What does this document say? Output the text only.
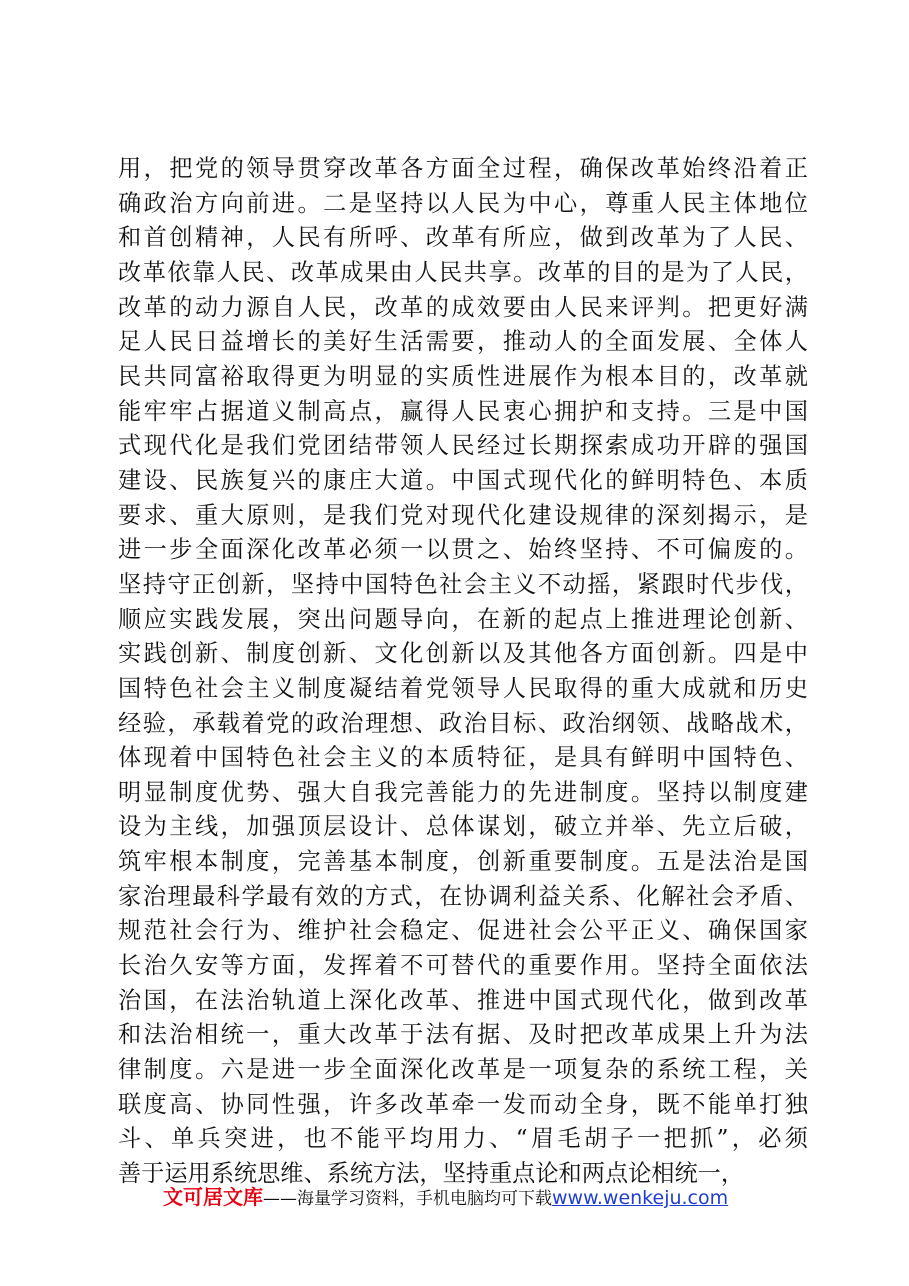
用，把党的领导贯穿改革各方面全过程，确保改革始终沿着正
确政治方向前进。二是坚持以人民为中心，尊重人民主体地位
和首创精神，人民有所呼、改革有所应，做到改革为了人民、
改革依靠人民、改革成果由人民共享。改革的目的是为了人民，
改革的动力源自人民，改革的成效要由人民来评判。把更好满
足人民日益增长的美好生活需要，推动人的全面发展、全体人
民共同富裕取得更为明显的实质性进展作为根本目的，改革就
能牢牢占据道义制高点，赢得人民衷心拥护和支持。三是中国
式现代化是我们党团结带领人民经过长期探索成功开辟的强国
建设、民族复兴的康庄大道。中国式现代化的鲜明特色、本质
要求、重大原则，是我们党对现代化建设规律的深刻揭示，是
进一步全面深化改革必须一以贯之、始终坚持、不可偏废的。
坚持守正创新，坚持中国特色社会主义不动摇，紧跟时代步伐，
顺应实践发展，突出问题导向，在新的起点上推进理论创新、
实践创新、制度创新、文化创新以及其他各方面创新。四是中
国特色社会主义制度凝结着党领导人民取得的重大成就和历史
经验，承载着党的政治理想、政治目标、政治纲领、战略战术，
体现着中国特色社会主义的本质特征，是具有鲜明中国特色、
明显制度优势、强大自我完善能力的先进制度。坚持以制度建
设为主线，加强顶层设计、总体谋划，破立并举、先立后破，
筑牢根本制度，完善基本制度，创新重要制度。五是法治是国
家治理最科学最有效的方式，在协调利益关系、化解社会矛盾、
规范社会行为、维护社会稳定、促进社会公平正义、确保国家
长治久安等方面，发挥着不可替代的重要作用。坚持全面依法
治国，在法治轨道上深化改革、推进中国式现代化，做到改革
和法治相统一，重大改革于法有据、及时把改革成果上升为法
律制度。六是进一步全面深化改革是一项复杂的系统工程，关
联度高、协同性强，许多改革牵一发而动全身，既不能单打独
斗、单兵突进，也不能平均用力、“眉毛胡子一把抓”，必须
善于运用系统思维、系统方法，坚持重点论和两点论相统一，
文可居文库——海量学习资料，手机电脑均可下载www.wenkeju.com
